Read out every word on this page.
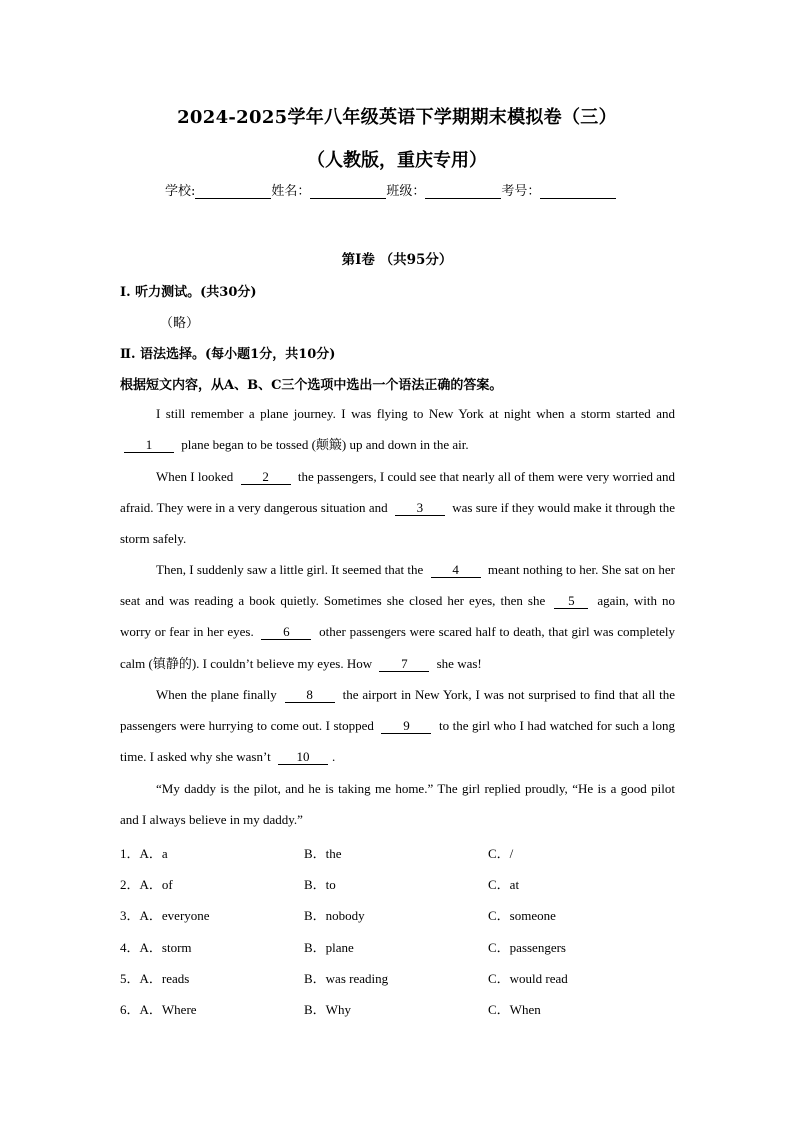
2024-2025学年八年级英语下学期期末模拟卷（三）
（人教版，重庆专用）
学校:	姓名：	班级：	考号：
第Ⅰ卷 （共95分）
Ⅰ. 听力测试。(共30分)
（略）
Ⅱ. 语法选择。(每小题1分，共10分)
根据短文内容，从A、B、C三个选项中选出一个语法正确的答案。
I still remember a plane journey. I was flying to New York at night when a storm started and 1 plane began to be tossed (颠簸) up and down in the air.
When I looked 2 the passengers, I could see that nearly all of them were very worried and afraid. They were in a very dangerous situation and 3 was sure if they would make it through the storm safely.
Then, I suddenly saw a little girl. It seemed that the 4 meant nothing to her. She sat on her seat and was reading a book quietly. Sometimes she closed her eyes, then she 5 again, with no worry or fear in her eyes. 6 other passengers were scared half to death, that girl was completely calm (镇静的). I couldn’t believe my eyes. How 7 she was!
When the plane finally 8 the airport in New York, I was not surprised to find that all the passengers were hurrying to come out. I stopped 9 to the girl who I had watched for such a long time. I asked why she wasn’t 10 .
“My daddy is the pilot, and he is taking me home.” The girl replied proudly, “He is a good pilot and I always believe in my daddy.”
1．A．a	B．the	C．/
2．A．of	B．to	C．at
3．A．everyone	B．nobody	C．someone
4．A．storm	B．plane	C．passengers
5．A．reads	B．was reading	C．would read
6．A．Where	B．Why	C．When
